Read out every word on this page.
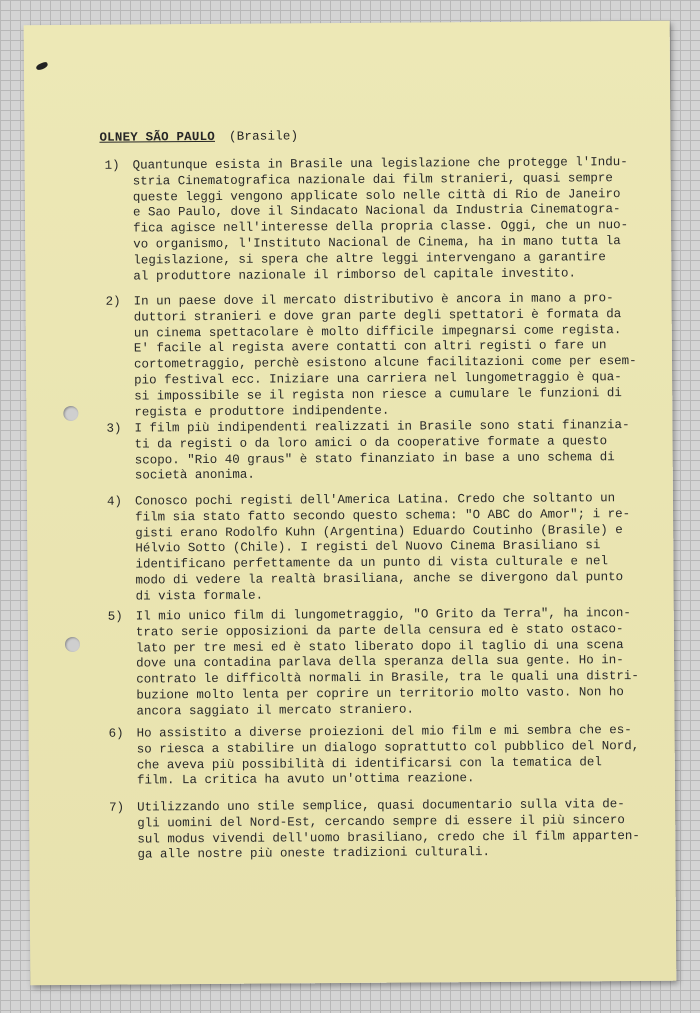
OLNEY SÃO PAULO (Brasile)
1) Quantunque esista in Brasile una legislazione che protegge l'Indu-
stria Cinematografica nazionale dai film stranieri, quasi sempre
queste leggi vengono applicate solo nelle città di Rio de Janeiro
e Sao Paulo, dove il Sindacato Nacional da Industria Cinematogra-
fica agisce nell'interesse della propria classe. Oggi, che un nuo-
vo organismo, l'Instituto Nacional de Cinema, ha in mano tutta la
legislazione, si spera che altre leggi intervengano a garantire
al produttore nazionale il rimborso del capitale investito.
2) In un paese dove il mercato distributivo è ancora in mano a pro-
duttori stranieri e dove gran parte degli spettatori è formata da
un cinema spettacolare è molto difficile impegnarsi come regista.
E' facile al regista avere contatti con altri registi o fare un
cortometraggio, perchè esistono alcune facilitazioni come per esem-
pio festival ecc. Iniziare una carriera nel lungometraggio è qua-
si impossibile se il regista non riesce a cumulare le funzioni di
regista e produttore indipendente.
3) I film più indipendenti realizzati in Brasile sono stati finanzia-
ti da registi o da loro amici o da cooperative formate a questo
scopo. "Rio 40 graus" è stato finanziato in base a uno schema di
società anonima.
4) Conosco pochi registi dell'America Latina. Credo che soltanto un
film sia stato fatto secondo questo schema: "O ABC do Amor"; i re-
gisti erano Rodolfo Kuhn (Argentina) Eduardo Coutinho (Brasile) e
Hélvio Sotto (Chile). I registi del Nuovo Cinema Brasiliano si
identificano perfettamente da un punto di vista culturale e nel
modo di vedere la realtà brasiliana, anche se divergono dal punto
di vista formale.
5) Il mio unico film di lungometraggio, "O Grito da Terra", ha incon-
trato serie opposizioni da parte della censura ed è stato ostaco-
lato per tre mesi ed è stato liberato dopo il taglio di una scena
dove una contadina parlava della speranza della sua gente. Ho in-
contrato le difficoltà normali in Brasile, tra le quali una distri-
buzione molto lenta per coprire un territorio molto vasto. Non ho
ancora saggiato il mercato straniero.
6) Ho assistito a diverse proiezioni del mio film e mi sembra che es-
so riesca a stabilire un dialogo soprattutto col pubblico del Nord,
che aveva più possibilità di identificarsi con la tematica del
film. La critica ha avuto un'ottima reazione.
7) Utilizzando uno stile semplice, quasi documentario sulla vita de-
gli uomini del Nord-Est, cercando sempre di essere il più sincero
sul modus vivendi dell'uomo brasiliano, credo che il film apparten-
ga alle nostre più oneste tradizioni culturali.
